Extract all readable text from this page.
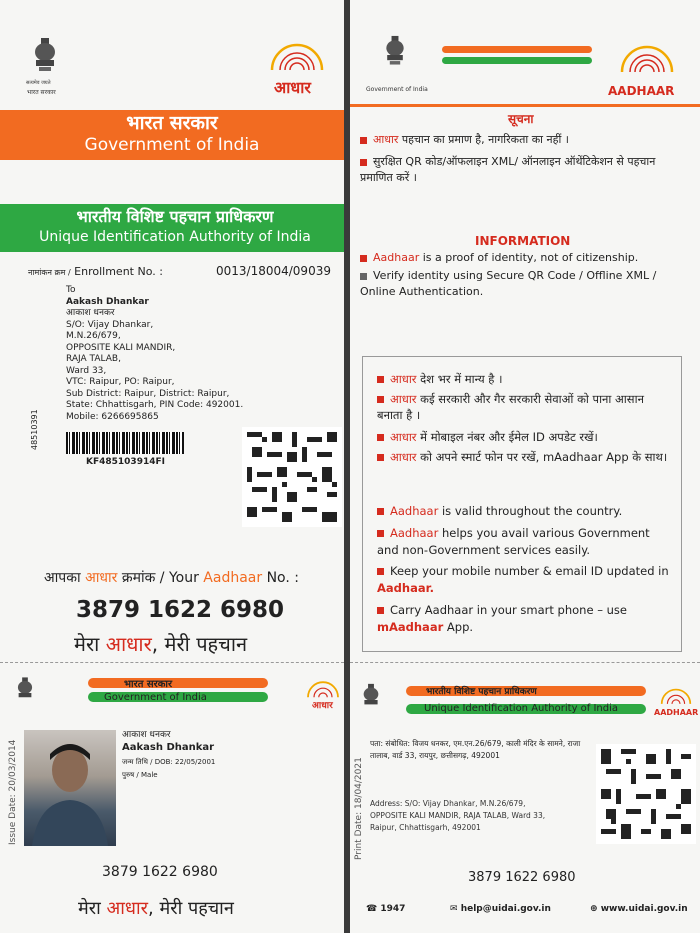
सत्यमेव जयते
भारत सरकार	आधार
भारत सरकार
Government of India
भारतीय विशिष्ट पहचान प्राधिकरण
Unique Identification Authority of India
नामांकन क्रम / Enrollment No. :	0013/18004/09039
To
Aakash Dhankar
आकाश धनकर
S/O: Vijay Dhankar,
M.N.26/679,
OPPOSITE KALI MANDIR,
RAJA TALAB,
Ward 33,
VTC: Raipur, PO: Raipur,
Sub District: Raipur, District: Raipur,
State: Chhattisgarh, PIN Code: 492001.
Mobile: 6266695865
48510391
KF485103914FI
आपका आधार क्रमांक / Your Aadhaar No. :
3879 1622 6980
मेरा आधार, मेरी पहचान
भारत सरकार
Government of India
आधार
Issue Date: 20/03/2014
आकाश धनकर
Aakash Dhankar
जन्म तिथि / DOB: 22/05/2001
पुरुष / Male
3879 1622 6980
मेरा आधार, मेरी पहचान
Government of India	AADHAAR
सूचना
आधार पहचान का प्रमाण है, नागरिकता का नहीं ।
सुरक्षित QR कोड/ऑफलाइन XML/ ऑनलाइन ऑथेंटिकेशन से पहचान प्रमाणित करें ।
INFORMATION
Aadhaar is a proof of identity, not of citizenship.
Verify identity using Secure QR Code / Offline XML / Online Authentication.
आधार देश भर में मान्य है ।
आधार कई सरकारी और गैर सरकारी सेवाओं को पाना आसान बनाता है ।
आधार में मोबाइल नंबर और ईमेल ID अपडेट रखें।
आधार को अपने स्मार्ट फोन पर रखें, mAadhaar App के साथ।
Aadhaar is valid throughout the country.
Aadhaar helps you avail various Government and non-Government services easily.
Keep your mobile number & email ID updated in Aadhaar.
Carry Aadhaar in your smart phone – use mAadhaar App.
भारतीय विशिष्ट पहचान प्राधिकरण
Unique Identification Authority of India	AADHAAR
Print Date: 18/04/2021
पता: संबोधित: विजय धनकर, एम.एन.26/679, काली मंदिर के सामने, राजा तालाब, वार्ड 33, रायपुर, छत्तीसगढ़, 492001
Address: S/O: Vijay Dhankar, M.N.26/679, OPPOSITE KALI MANDIR, RAJA TALAB, Ward 33, Raipur, Chhattisgarh, 492001
3879 1622 6980
☎ 1947	✉ help@uidai.gov.in	⊕ www.uidai.gov.in
